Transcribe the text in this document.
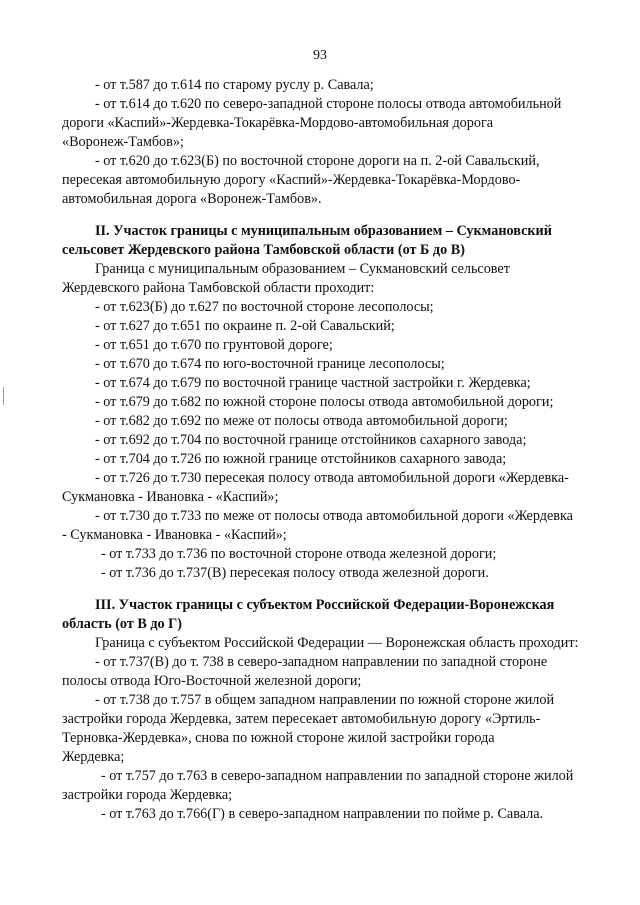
93
- от т.587 до т.614 по старому руслу р. Савала;
- от т.614 до т.620 по северо-западной стороне полосы отвода автомобильной
дороги «Каспий»-Жердевка-Токарёвка-Мордово-автомобильная дорога
«Воронеж-Тамбов»;
- от т.620 до т.623(Б) по восточной стороне дороги на п. 2-ой Савальский,
пересекая автомобильную дорогу «Каспий»-Жердевка-Токарёвка-Мордово-
автомобильная дорога «Воронеж-Тамбов».
II. Участок границы с муниципальным образованием – Сукмановский
сельсовет Жердевского района Тамбовской области (от Б до В)
Граница с муниципальным образованием – Сукмановский сельсовет
Жердевского района Тамбовской области проходит:
- от т.623(Б) до т.627 по восточной стороне лесополосы;
- от т.627 до т.651 по окраине п. 2-ой Савальский;
- от т.651 до т.670 по грунтовой дороге;
- от т.670 до т.674 по юго-восточной границе лесополосы;
- от т.674 до т.679 по восточной границе частной застройки г. Жердевка;
- от т.679 до т.682 по южной стороне полосы отвода автомобильной дороги;
- от т.682 до т.692 по меже от полосы отвода автомобильной дороги;
- от т.692 до т.704 по восточной границе отстойников сахарного завода;
- от т.704 до т.726 по южной границе отстойников сахарного завода;
- от т.726 до т.730 пересекая полосу отвода автомобильной дороги «Жердевка-
Сукмановка - Ивановка - «Каспий»;
- от т.730 до т.733 по меже от полосы отвода автомобильной дороги «Жердевка
- Сукмановка - Ивановка - «Каспий»;
- от т.733 до т.736 по восточной стороне отвода железной дороги;
- от т.736 до т.737(В) пересекая полосу отвода железной дороги.
III. Участок границы с субъектом Российской Федерации-Воронежская
область (от В до Г)
Граница с субъектом Российской Федерации — Воронежская область проходит:
- от т.737(В) до т. 738 в северо-западном направлении по западной стороне
полосы отвода Юго-Восточной железной дороги;
- от т.738 до т.757 в общем западном направлении по южной стороне жилой
застройки города Жердевка, затем пересекает автомобильную дорогу «Эртиль-
Терновка-Жердевка», снова по южной стороне жилой застройки города
Жердевка;
- от т.757 до т.763 в северо-западном направлении по западной стороне жилой
застройки города Жердевка;
- от т.763 до т.766(Г) в северо-западном направлении по пойме р. Савала.
